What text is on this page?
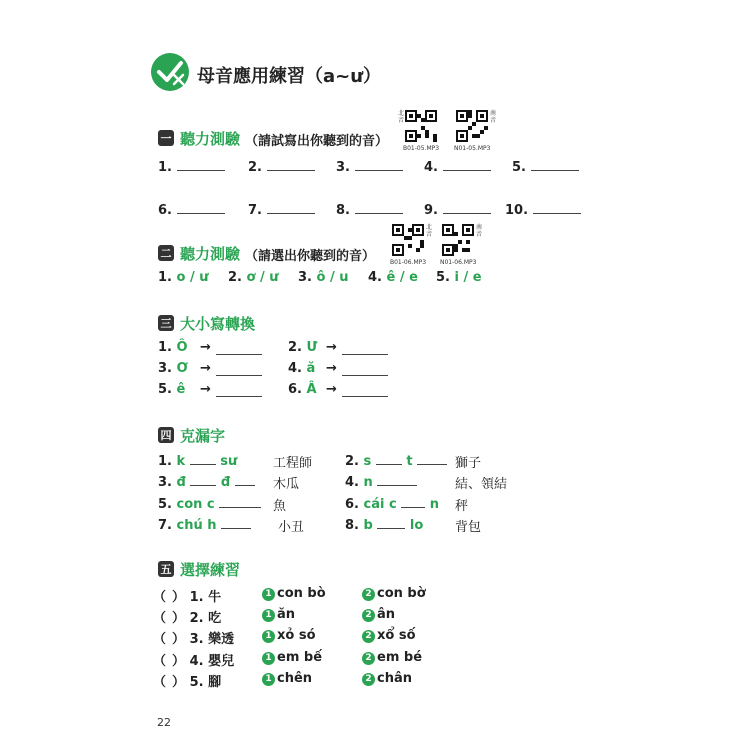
母音應用練習（a~ư）
一 聽力測驗 （請試寫出你聽到的音）
北音
B01-05.MP3
南音
N01-05.MP3
1.	2.	3.	4.	5.
6.	7.	8.	9.	10.
二 聽力測驗 （請選出你聽到的音）
北音
B01-06.MP3
南音
N01-06.MP3
1. o / ư 2. ơ / ư 3. ô / u 4. ê / e 5. i / e
三 大小寫轉換
1. Ô →	2. Ư →
3. Ơ →	4. ă →
5. ê →	6. Â →
四 克漏字
1. k	sư	工程師	2. s	t	獅子
3. đ	đ	木瓜	4. n	結、領結
5. con c	魚	6. cái c	n 秤
7. chú h	小丑	8. b	lo 背包
五 選擇練習
（ ） 1. 牛	1 con bò	2 con bờ
（ ） 2. 吃	1 ăn	2 ân
（ ） 3. 樂透	1 xỏ só	2 xổ số
（ ） 4. 嬰兒	1 em bế	2 em bé
（ ） 5. 腳	1 chên	2 chân
22
